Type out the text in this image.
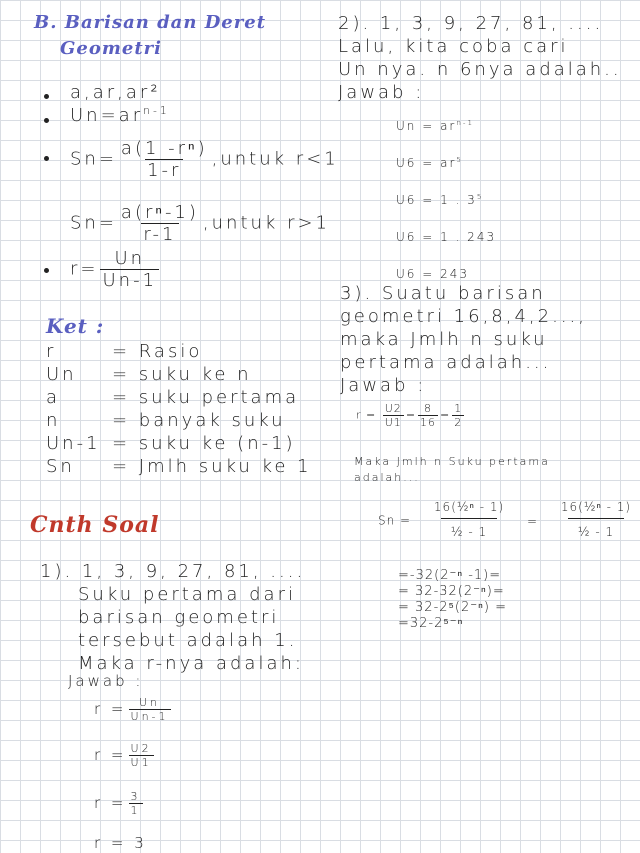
B. Barisan dan Deret
Geometri
a,ar,ar²
$Un=ar^{n-1}$
$Sn= \frac{\text{a(1 -rⁿ)}}{1-r}$ ,untuk r<1
$Sn= \frac{\text{a(rⁿ-1)}}{r-1}$ ,untuk r>1
$r= \frac{Un}{Un-1}$
Ket :
r	= Rasio
Un = suku ke n
a	= suku pertama
n	= banyak suku
Un-1 = suku ke (n-1)
Sn = Jmlh suku ke 1
Cnth Soal
1). 1, 3, 9, 27, 81, ....
Suku pertama dari
barisan geometri
tersebut adalah 1.
Maka r-nya adalah:
Jawab :
$r = \frac{Un}{Un-1}$
$r = \frac{U2}{U1}$
$r = \frac{3}{1}$
r = 3
2). 1, 3, 9, 27, 81, ....
Lalu, kita coba cari
Un nya. n 6nya adalah..
Jawab :
$Un = ar^{n-1}$
$U6 = ar^5$
U6 = 1 . $3^5$
U6 = 1 . 243
U6 = 243
3). Suatu barisan
geometri 16,8,4,2...,
maka Jmlh n suku
pertama adalah...
Jawab :
$r = \frac{U2}{U1} = \frac{8}{16} = \frac{1}{2}$
Maka Jmlh n Suku pertama
adalah...
$Sn = \frac{\text{16(½ⁿ - 1)}}{\text{½ - 1}} = \frac{\text{16(½ⁿ - 1)}}{\text{½ - 1}}$
=-32(2⁻ⁿ -1)=
= 32-32(2⁻ⁿ)=
= 32-2⁵(2⁻ⁿ) =
=32-2⁵⁻ⁿ
